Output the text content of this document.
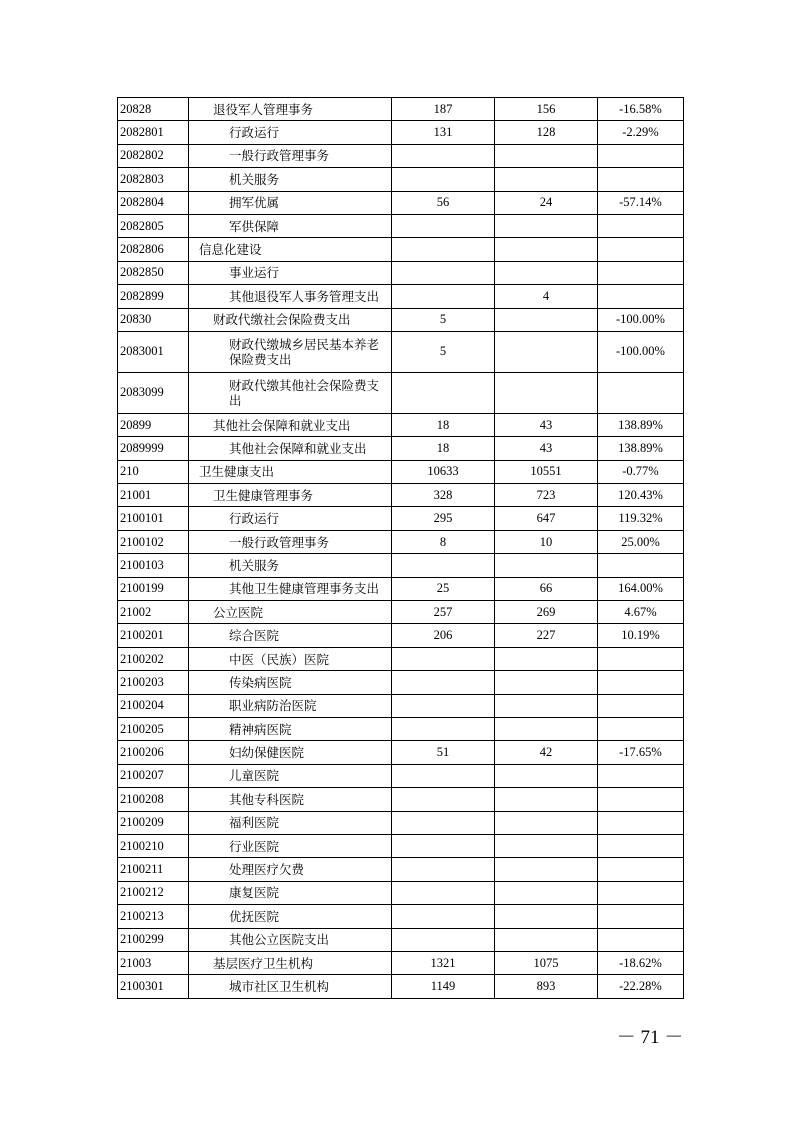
20828	退役军人管理事务	187	156	-16.58%
2082801	行政运行	131	128	-2.29%
2082802	一般行政管理事务			
2082803	机关服务			
2082804	拥军优属	56	24	-57.14%
2082805	军供保障			
2082806	信息化建设			
2082850	事业运行			
2082899	其他退役军人事务管理支出		4	
20830	财政代缴社会保险费支出	5		-100.00%
2083001	财政代缴城乡居民基本养老保险费支出	5		-100.00%
2083099	财政代缴其他社会保险费支出			
20899	其他社会保障和就业支出	18	43	138.89%
2089999	其他社会保障和就业支出	18	43	138.89%
210	卫生健康支出	10633	10551	-0.77%
21001	卫生健康管理事务	328	723	120.43%
2100101	行政运行	295	647	119.32%
2100102	一般行政管理事务	8	10	25.00%
2100103	机关服务			
2100199	其他卫生健康管理事务支出	25	66	164.00%
21002	公立医院	257	269	4.67%
2100201	综合医院	206	227	10.19%
2100202	中医（民族）医院			
2100203	传染病医院			
2100204	职业病防治医院			
2100205	精神病医院			
2100206	妇幼保健医院	51	42	-17.65%
2100207	儿童医院			
2100208	其他专科医院			
2100209	福利医院			
2100210	行业医院			
2100211	处理医疗欠费			
2100212	康复医院			
2100213	优抚医院			
2100299	其他公立医院支出			
21003	基层医疗卫生机构	1321	1075	-18.62%
2100301	城市社区卫生机构	1149	893	-22.28%
－ 71 －
